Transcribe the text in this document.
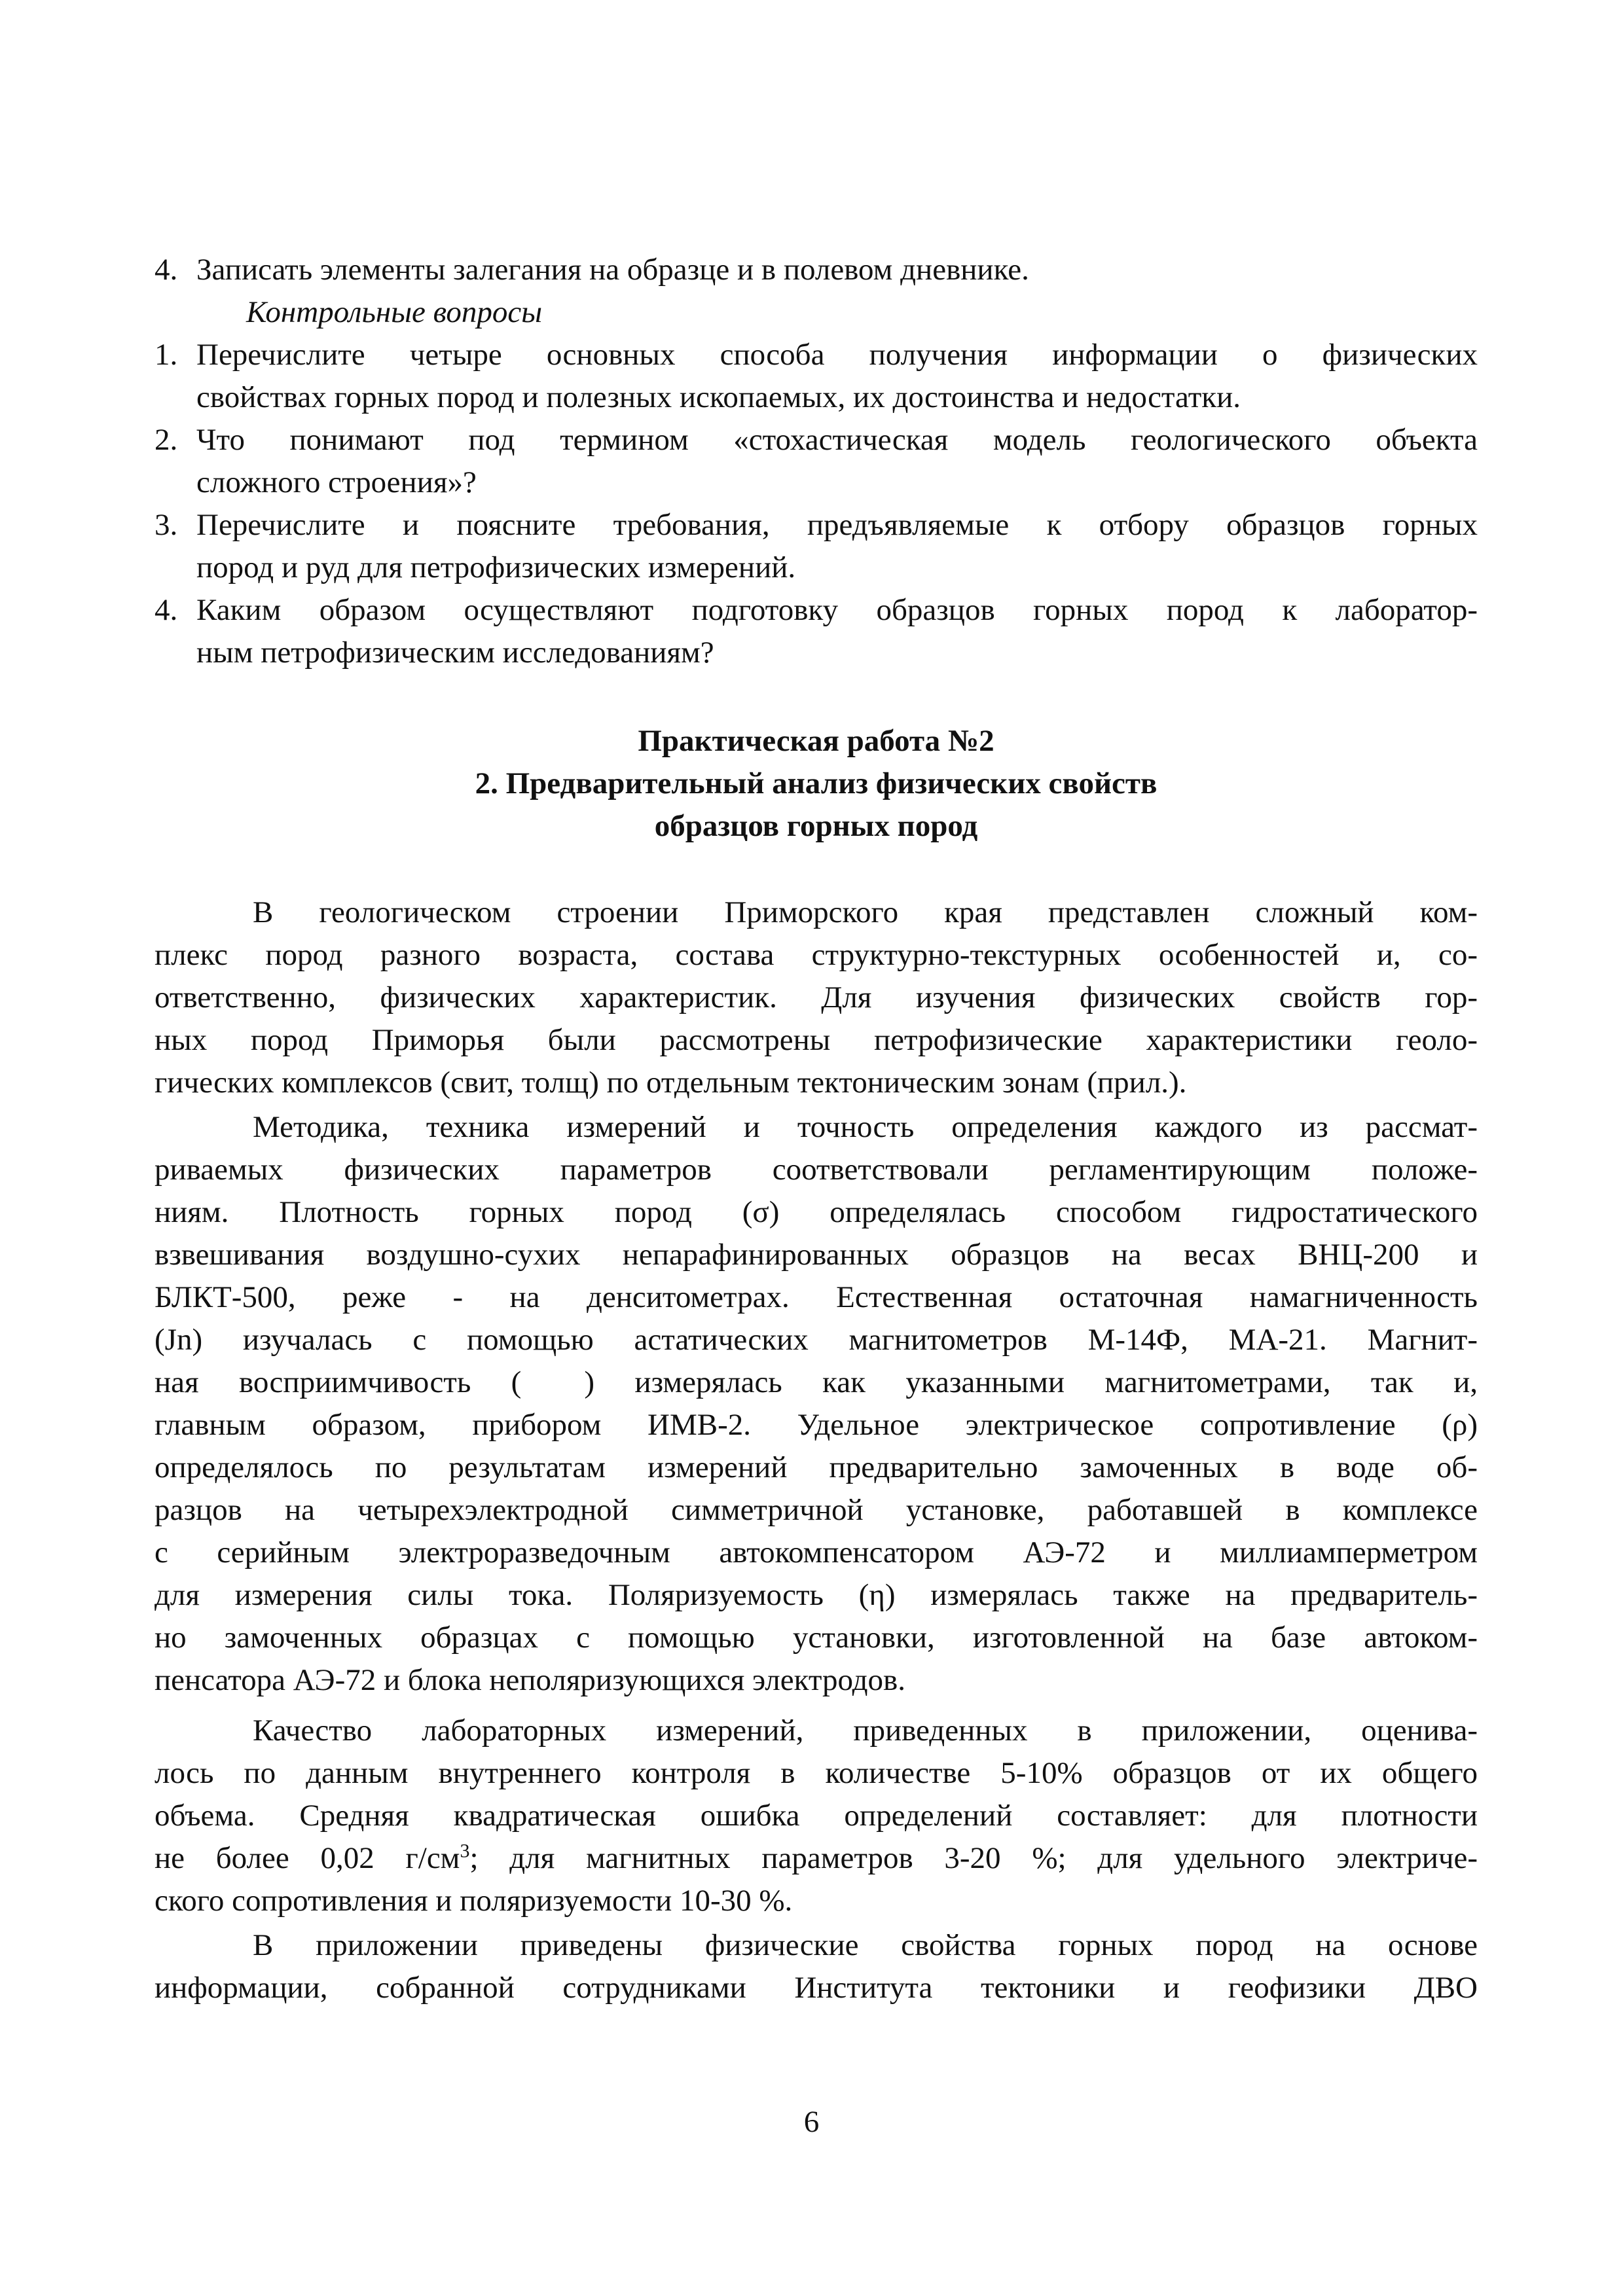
4. Записать элементы залегания на образце и в полевом дневнике.
Контрольные вопросы
1. Перечислите четыре основных способа получения информации о физических
свойствах горных пород и полезных ископаемых, их достоинства и недостатки.
2. Что понимают под термином «стохастическая модель геологического объекта
сложного строения»?
3. Перечислите и поясните требования, предъявляемые к отбору образцов горных
пород и руд для петрофизических измерений.
4. Каким образом осуществляют подготовку образцов горных пород к лаборатор-
ным петрофизическим исследованиям?
Практическая работа №2
2. Предварительный анализ физических свойств
образцов горных пород
В геологическом строении Приморского края представлен сложный ком-
плекс пород разного возраста, состава структурно-текстурных особенностей и, со-
ответственно, физических характеристик. Для изучения физических свойств гор-
ных пород Приморья были рассмотрены петрофизические характеристики геоло-
гических комплексов (свит, толщ) по отдельным тектоническим зонам (прил.).
Методика, техника измерений и точность определения каждого из рассмат-
риваемых физических параметров соответствовали регламентирующим положе-
ниям. Плотность горных пород (σ) определялась способом гидростатического
взвешивания воздушно-сухих непарафинированных образцов на весах ВНЦ-200 и
БЛКТ-500, реже - на денситометрах. Естественная остаточная намагниченность
(Jn) изучалась с помощью астатических магнитометров М-14Ф, МА-21. Магнит-
ная восприимчивость ( ) измерялась как указанными магнитометрами, так и,
главным образом, прибором ИМВ-2. Удельное электрическое сопротивление (ρ)
определялось по результатам измерений предварительно замоченных в воде об-
разцов на четырехэлектродной симметричной установке, работавшей в комплексе
с серийным электроразведочным автокомпенсатором АЭ-72 и миллиамперметром
для измерения силы тока. Поляризуемость (η) измерялась также на предваритель-
но замоченных образцах с помощью установки, изготовленной на базе автоком-
пенсатора АЭ-72 и блока неполяризующихся электродов.
Качество лабораторных измерений, приведенных в приложении, оценива-
лось по данным внутреннего контроля в количестве 5-10% образцов от их общего
объема. Средняя квадратическая ошибка определений составляет: для плотности
не более 0,02 $г/см^3$; для магнитных параметров 3-20 %; для удельного электриче-
ского сопротивления и поляризуемости 10-30 %.
В приложении приведены физические свойства горных пород на основе
информации, собранной сотрудниками Института тектоники и геофизики ДВО
6
